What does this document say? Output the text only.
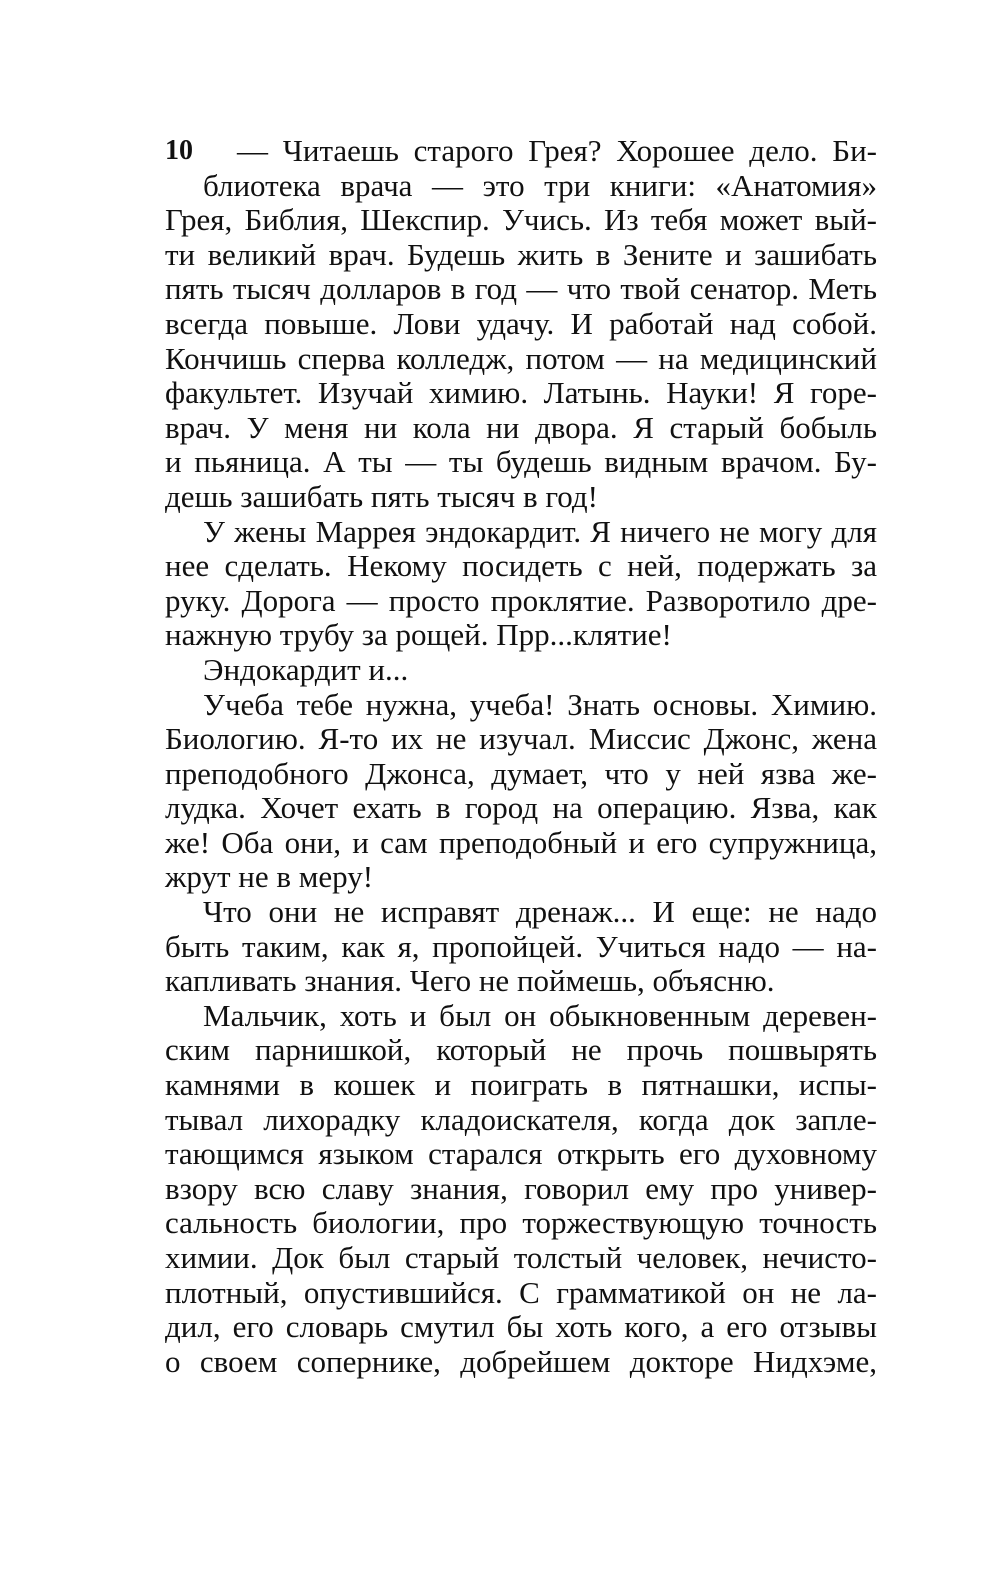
10	— Читаешь старого Грея? Хорошее дело. Би-
блиотека врача — это три книги: «Анатомия»
Грея, Библия, Шекспир. Учись. Из тебя может вый-
ти великий врач. Будешь жить в Зените и зашибать
пять тысяч долларов в год — что твой сенатор. Меть
всегда повыше. Лови удачу. И работай над собой.
Кончишь сперва колледж, потом — на медицинский
факультет. Изучай химию. Латынь. Науки! Я горе-
врач. У меня ни кола ни двора. Я старый бобыль
и пьяница. А ты — ты будешь видным врачом. Бу-
дешь зашибать пять тысяч в год!
У жены Маррея эндокардит. Я ничего не могу для
нее сделать. Некому посидеть с ней, подержать за
руку. Дорога — просто проклятие. Разворотило дре-
нажную трубу за рощей. Прр...клятие!
Эндокардит и...
Учеба тебе нужна, учеба! Знать основы. Химию.
Биологию. Я-то их не изучал. Миссис Джонс, жена
преподобного Джонса, думает, что у ней язва же-
лудка. Хочет ехать в город на операцию. Язва, как
же! Оба они, и сам преподобный и его супружница,
жрут не в меру!
Что они не исправят дренаж... И еще: не надо
быть таким, как я, пропойцей. Учиться надо — на-
капливать знания. Чего не поймешь, объясню.
Мальчик, хоть и был он обыкновенным деревен-
ским парнишкой, который не прочь пошвырять
камнями в кошек и поиграть в пятнашки, испы-
тывал лихорадку кладоискателя, когда док запле-
тающимся языком старался открыть его духовному
взору всю славу знания, говорил ему про универ-
сальность биологии, про торжествующую точность
химии. Док был старый толстый человек, нечисто-
плотный, опустившийся. С грамматикой он не ла-
дил, его словарь смутил бы хоть кого, а его отзывы
о своем сопернике, добрейшем докторе Нидхэме,
